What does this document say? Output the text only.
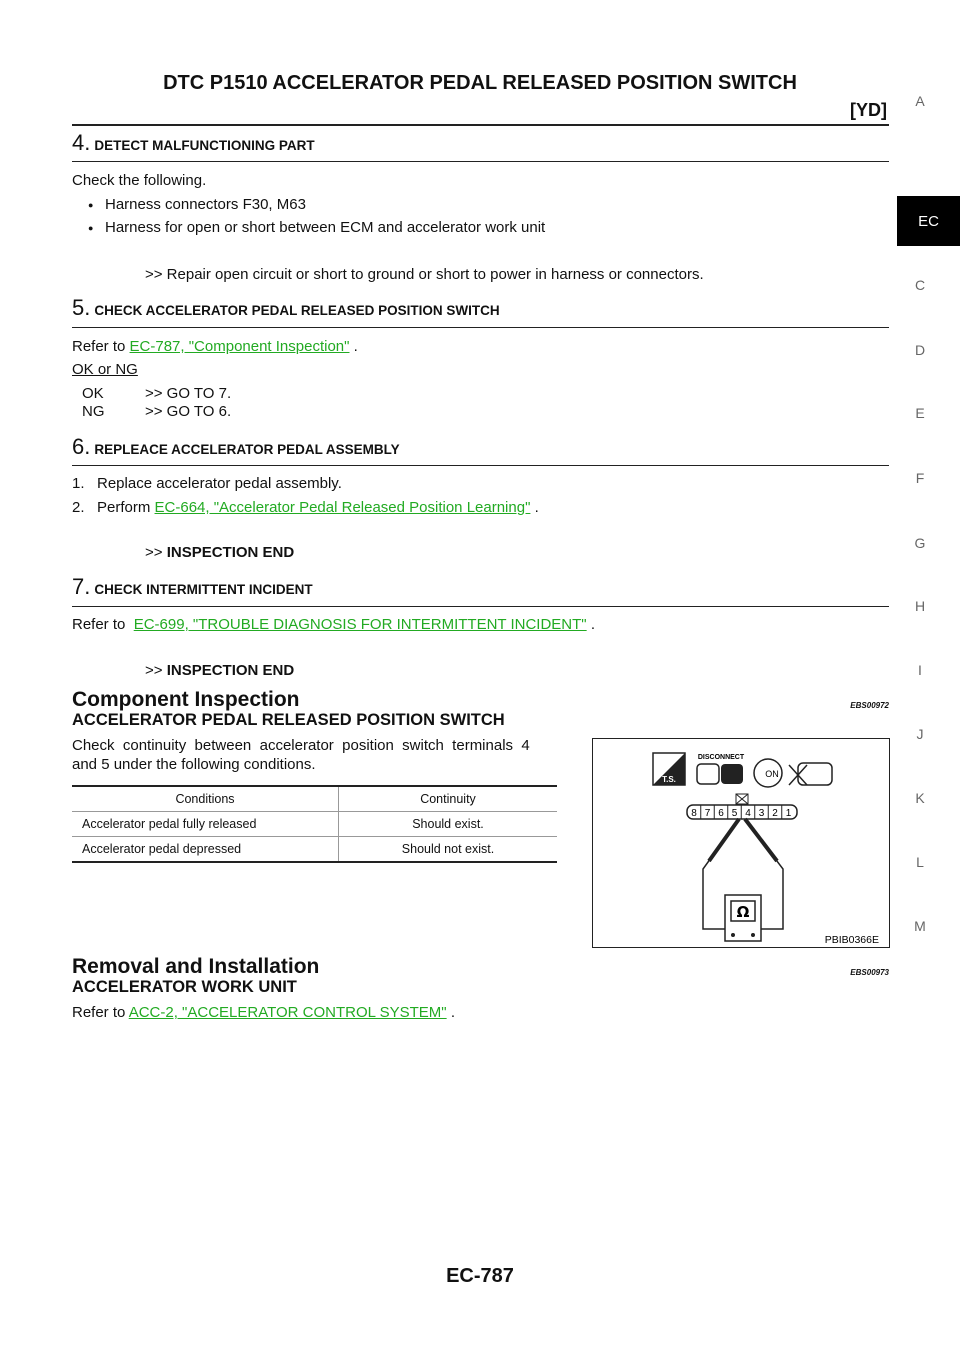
DTC P1510 ACCELERATOR PEDAL RELEASED POSITION SWITCH
[YD]	A
EC
C
D
E
F
G
H
I
J
K
L
M
4. DETECT MALFUNCTIONING PART
Check the following.
● Harness connectors F30, M63
● Harness for open or short between ECM and accelerator work unit
>> Repair open circuit or short to ground or short to power in harness or connectors.
5. CHECK ACCELERATOR PEDAL RELEASED POSITION SWITCH
Refer to EC-787, "Component Inspection" .
OK or NG
OK	>> GO TO 7.
NG	>> GO TO 6.
6. REPLEACE ACCELERATOR PEDAL ASSEMBLY
1.   Replace accelerator pedal assembly.
2.   Perform EC-664, "Accelerator Pedal Released Position Learning" .
>> INSPECTION END
7. CHECK INTERMITTENT INCIDENT
Refer to EC-699, "TROUBLE DIAGNOSIS FOR INTERMITTENT INCIDENT" .
>> INSPECTION END
Component Inspection	EBS00972
ACCELERATOR PEDAL RELEASED POSITION SWITCH
Check  continuity  between  accelerator  position  switch  terminals  4
and 5 under the following conditions.
Conditions	Continuity
Accelerator pedal fully released	Should exist.
Accelerator pedal depressed	Should not exist.
T.S.
DISCONNECT
ON
8 7 6 5 4 3 2 1
Ω
PBIB0366E
Removal and Installation	EBS00973
ACCELERATOR WORK UNIT
Refer to ACC-2, "ACCELERATOR CONTROL SYSTEM" .
EC-787
